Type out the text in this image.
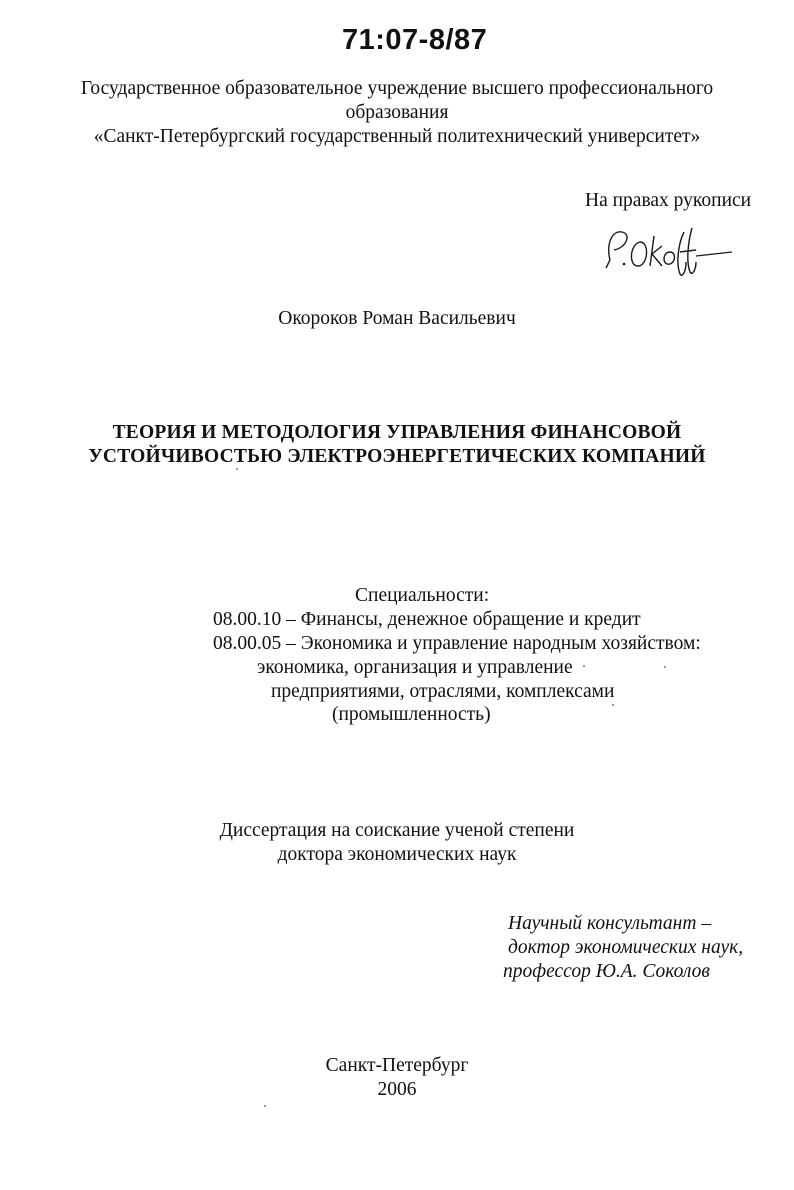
71:07-8/87
Государственное образовательное учреждение высшего профессионального
образования
«Санкт-Петербургский государственный политехнический университет»
На правах рукописи
Окороков Роман Васильевич
ТЕОРИЯ И МЕТОДОЛОГИЯ УПРАВЛЕНИЯ ФИНАНСОВОЙ
УСТОЙЧИВОСТЬЮ ЭЛЕКТРОЭНЕРГЕТИЧЕСКИХ КОМПАНИЙ
Специальности:
08.00.10 – Финансы, денежное обращение и кредит
08.00.05 – Экономика и управление народным хозяйством:
экономика, организация и управление
предприятиями, отраслями, комплексами
(промышленность)
Диссертация на соискание ученой степени
доктора экономических наук
Научный консультант –
доктор экономических наук,
профессор Ю.А. Соколов
Санкт-Петербург
2006
